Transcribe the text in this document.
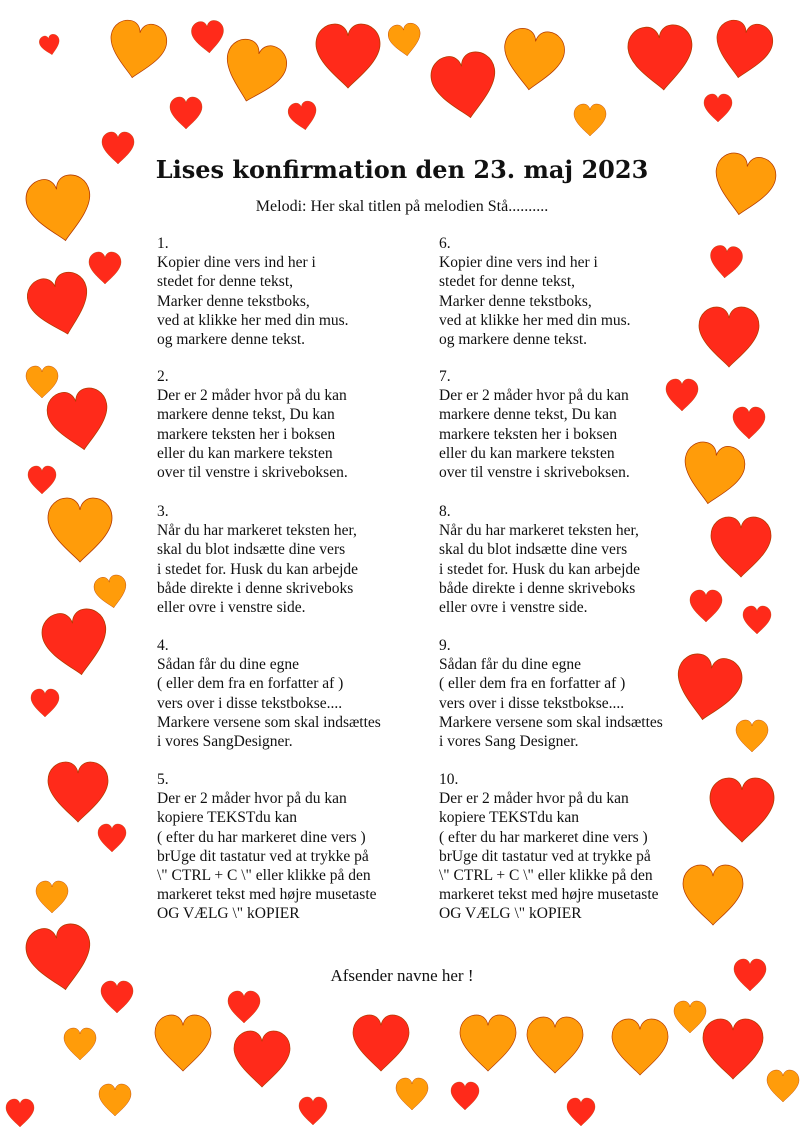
Lises konfirmation den 23. maj 2023
Melodi: Her skal titlen på melodien Stå..........
1.
Kopier dine vers ind her i
stedet for denne tekst,
Marker denne tekstboks,
ved at klikke her med din mus.
og markere denne tekst.
2.
Der er 2 måder hvor på du kan
markere denne tekst, Du kan
markere teksten her i boksen
eller du kan markere teksten
over til venstre i skriveboksen.
3.
Når du har markeret teksten her,
skal du blot indsætte dine vers
i stedet for. Husk du kan arbejde
både direkte i denne skriveboks
eller ovre i venstre side.
4.
Sådan får du dine egne
( eller dem fra en forfatter af )
vers over i disse tekstbokse....
Markere versene som skal indsættes
i vores SangDesigner.
5.
Der er 2 måder hvor på du kan
kopiere TEKSTdu kan
( efter du har markeret dine vers )
brUge dit tastatur ved at trykke på
\" CTRL + C \" eller klikke på den
markeret tekst med højre musetaste
OG VÆLG \" kOPIER
6.
Kopier dine vers ind her i
stedet for denne tekst,
Marker denne tekstboks,
ved at klikke her med din mus.
og markere denne tekst.
7.
Der er 2 måder hvor på du kan
markere denne tekst, Du kan
markere teksten her i boksen
eller du kan markere teksten
over til venstre i skriveboksen.
8.
Når du har markeret teksten her,
skal du blot indsætte dine vers
i stedet for. Husk du kan arbejde
både direkte i denne skriveboks
eller ovre i venstre side.
9.
Sådan får du dine egne
( eller dem fra en forfatter af )
vers over i disse tekstbokse....
Markere versene som skal indsættes
i vores Sang Designer.
10.
Der er 2 måder hvor på du kan
kopiere TEKSTdu kan
( efter du har markeret dine vers )
brUge dit tastatur ved at trykke på
\" CTRL + C \" eller klikke på den
markeret tekst med højre musetaste
OG VÆLG \" kOPIER
Afsender navne her !
